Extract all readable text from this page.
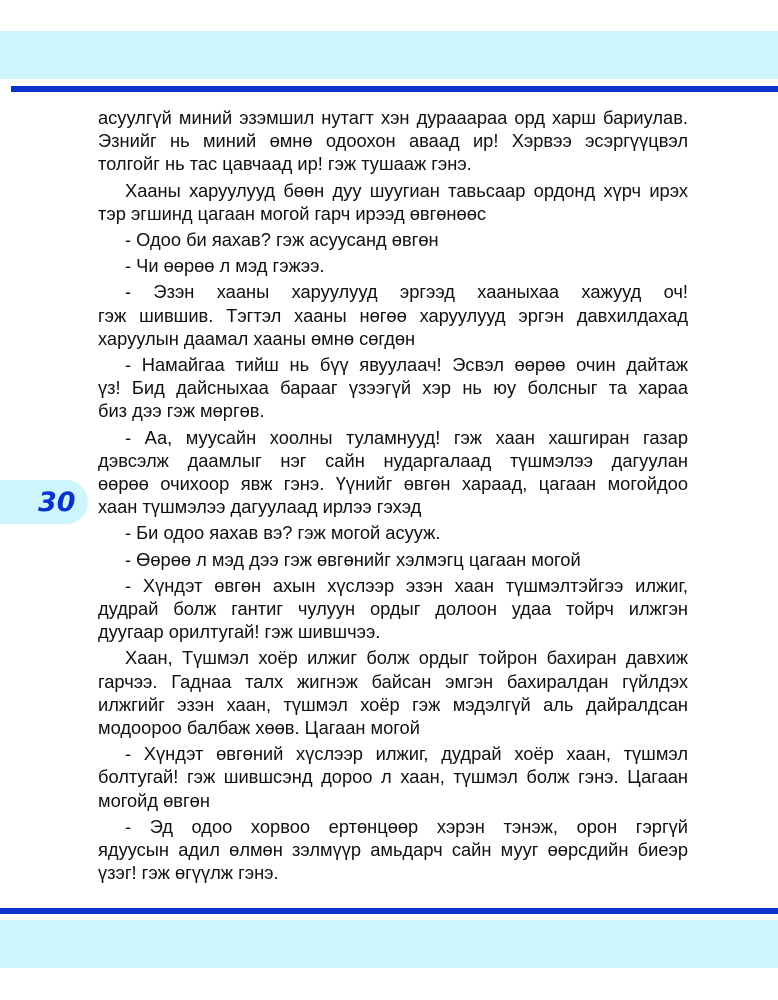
30
асуулгүй миний эзэмшил нутагт хэн дурааараа орд харш бариулав.
Эзнийг нь миний өмнө одоохон аваад ир! Хэрвээ эсэргүүцвэл
толгойг нь тас цавчаад ир! гэж тушааж гэнэ.
Хааны харуулууд бөөн дуу шуугиан тавьсаар ордонд хүрч ирэх
тэр эгшинд цагаан могой гарч ирээд өвгөнөөс
- Одоо би яахав? гэж асуусанд өвгөн
- Чи өөрөө л мэд гэжээ.
- Эзэн хааны харуулууд эргээд хааныхаа хажууд оч!
гэж шившив. Тэгтэл хааны нөгөө харуулууд эргэн давхилдахад
харуулын даамал хааны өмнө сөгдөн
- Намайгаа тийш нь бүү явуулаач! Эсвэл өөрөө очин дайтаж
үз! Бид дайсныхаа барааг үзээгүй хэр нь юу болсныг та хараа
биз дээ гэж мөргөв.
- Аа, муусайн хоолны туламнууд! гэж хаан хашгиран газар
дэвсэлж даамлыг нэг сайн нударгалаад түшмэлээ дагуулан
өөрөө очихоор явж гэнэ. Үүнийг өвгөн хараад, цагаан могойдоо
хаан түшмэлээ дагуулаад ирлээ гэхэд
- Би одоо яахав вэ? гэж могой асууж.
- Өөрөө л мэд дээ гэж өвгөнийг хэлмэгц цагаан могой
- Хүндэт өвгөн ахын хүслээр эзэн хаан түшмэлтэйгээ илжиг,
дудрай болж гантиг чулуун ордыг долоон удаа тойрч илжгэн
дуугаар орилтугай! гэж шившчээ.
Хаан, Түшмэл хоёр илжиг болж ордыг тойрон бахиран давхиж
гарчээ. Гаднаа талх жигнэж байсан эмгэн бахиралдан гүйлдэх
илжгийг эзэн хаан, түшмэл хоёр гэж мэдэлгүй аль дайралдсан
модоороо балбаж хөөв. Цагаан могой
- Хүндэт өвгөний хүслээр илжиг, дудрай хоёр хаан, түшмэл
болтугай! гэж шившсэнд дороо л хаан, түшмэл болж гэнэ. Цагаан
могойд өвгөн
- Эд одоо хорвоо ертөнцөөр хэрэн тэнэж, орон гэргүй
ядуусын адил өлмөн зэлмүүр амьдарч сайн мууг өөрсдийн биеэр
үзэг! гэж өгүүлж гэнэ.
